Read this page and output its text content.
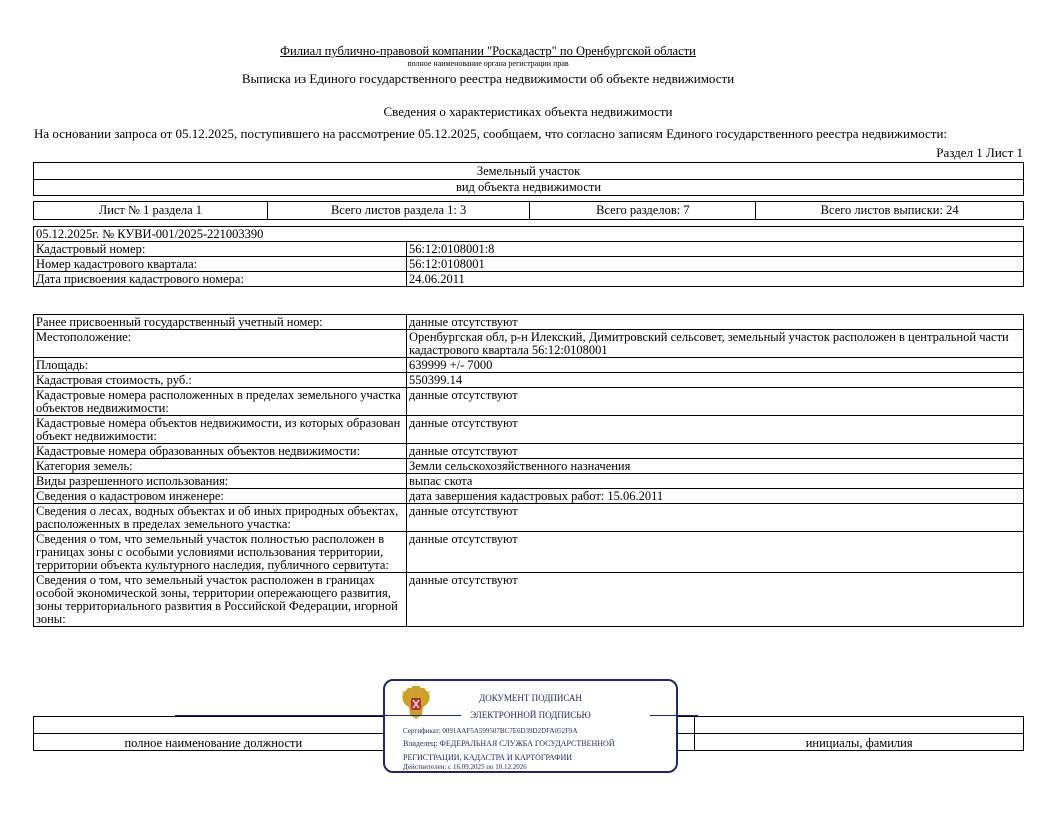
Филиал публично-правовой компании "Роскадастр" по Оренбургской области
полное наименование органа регистрации прав
Выписка из Единого государственного реестра недвижимости об объекте недвижимости
Сведения о характеристиках объекта недвижимости
На основании запроса от 05.12.2025, поступившего на рассмотрение 05.12.2025, сообщаем, что согласно записям Единого государственного реестра недвижимости:
Раздел 1 Лист 1
Земельный участок
вид объекта недвижимости
Лист № 1 раздела 1	Всего листов раздела 1: 3	Всего разделов: 7	Всего листов выписки: 24
05.12.2025г. № КУВИ-001/2025-221003390	
Кадастровый номер:	56:12:0108001:8
Номер кадастрового квартала:	56:12:0108001
Дата присвоения кадастрового номера:	24.06.2011
Ранее присвоенный государственный учетный номер:	данные отсутствуют
Местоположение:	Оренбургская обл, р-н Илекский, Димитровский сельсовет, земельный участок расположен в центральной части кадастрового квартала 56:12:0108001
Площадь:	639999 +/- 7000
Кадастровая стоимость, руб.:	550399.14
Кадастровые номера расположенных в пределах земельного участка объектов недвижимости:	данные отсутствуют
Кадастровые номера объектов недвижимости, из которых образован объект недвижимости:	данные отсутствуют
Кадастровые номера образованных объектов недвижимости:	данные отсутствуют
Категория земель:	Земли сельскохозяйственного назначения
Виды разрешенного использования:	выпас скота
Сведения о кадастровом инженере:	дата завершения кадастровых работ: 15.06.2011
Сведения о лесах, водных объектах и об иных природных объектах, расположенных в пределах земельного участка:	данные отсутствуют
Сведения о том, что земельный участок полностью расположен в границах зоны с особыми условиями использования территории, территории объекта культурного наследия, публичного сервитута:	данные отсутствуют
Сведения о том, что земельный участок расположен в границах особой экономической зоны, территории опережающего развития, зоны территориального развития в Российской Федерации, игорной зоны:	данные отсутствуют

полное наименование должности		инициалы, фамилия
ДОКУМЕНТ ПОДПИСАН
ЭЛЕКТРОННОЙ ПОДПИСЬЮ
Сертификат: 0091AAF5A599507BC7E6D39D2DFA052F9A
Владелец: ФЕДЕРАЛЬНАЯ СЛУЖБА ГОСУДАРСТВЕННОЙ
РЕГИСТРАЦИИ, КАДАСТРА И КАРТОГРАФИИ
Действителен: с 16.09.2025 по 10.12.2026
